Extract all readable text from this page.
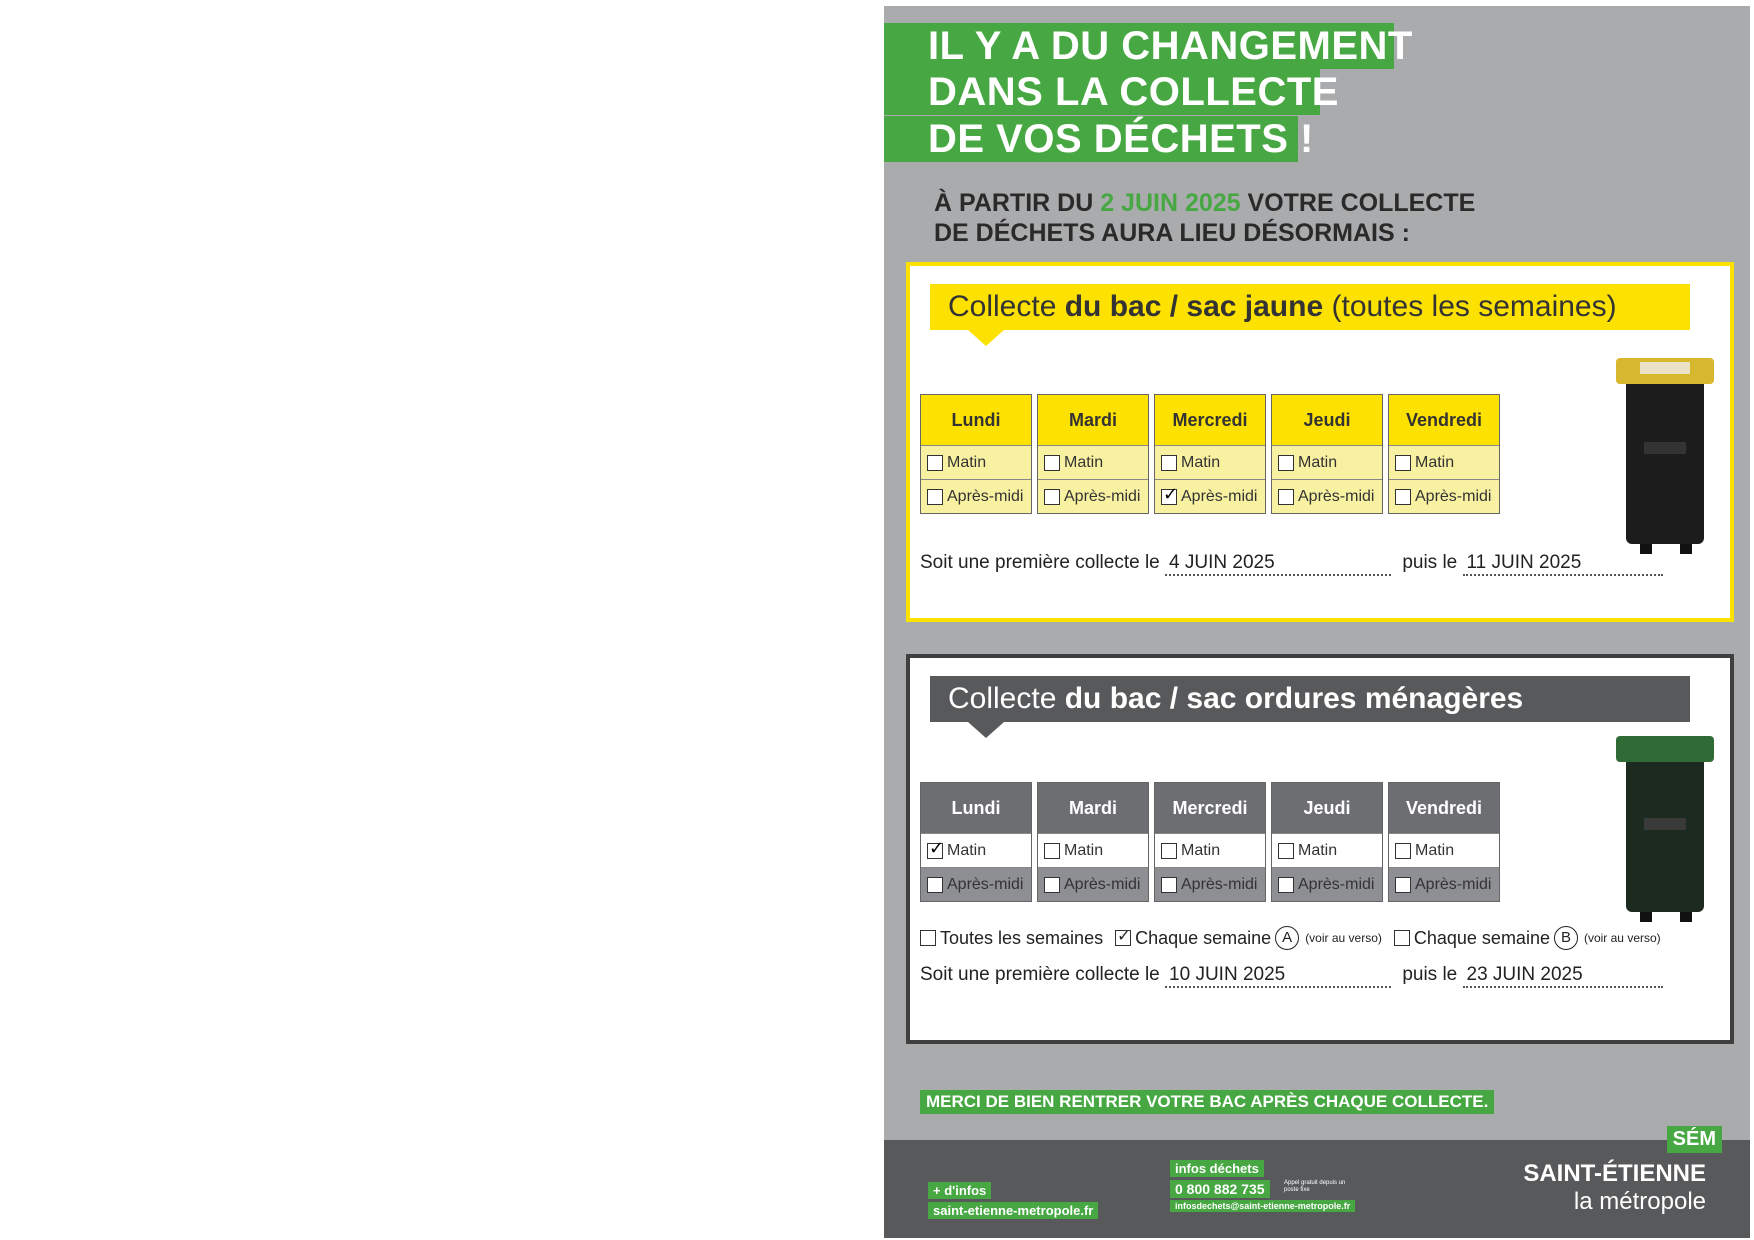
IL Y A DU CHANGEMENT
DANS LA COLLECTE
DE VOS DÉCHETS !
À PARTIR DU 2 JUIN 2025 VOTRE COLLECTE
DE DÉCHETS AURA LIEU DÉSORMAIS :
Collecte du bac / sac jaune (toutes les semaines)
Lundi
Matin
Après-midi
Mardi
Matin
Après-midi
Mercredi
Matin
✓
Après-midi
Jeudi
Matin
Après-midi
Vendredi
Matin
Après-midi
Soit une première collecte le 4 JUIN 2025	puis le 11 JUIN 2025
Collecte du bac / sac ordures ménagères
Lundi
✓
Matin
Après-midi
Mardi
Matin
Après-midi
Mercredi
Matin
Après-midi
Jeudi
Matin
Après-midi
Vendredi
Matin
Après-midi
Toutes les semaines
✓ Chaque semaine A	(voir au verso) Chaque semaine B	(voir au verso)
Soit une première collecte le 10 JUIN 2025	puis le 23 JUIN 2025
MERCI DE BIEN RENTRER VOTRE BAC APRÈS CHAQUE COLLECTE.
+ d'infos
saint-etienne-metropole.fr
infos déchets
0 800 882 735	Appel gratuit depuis un poste fixe
infosdechets@saint-etienne-metropole.fr
SÉM
SAINT-ÉTIENNE
la métropole
